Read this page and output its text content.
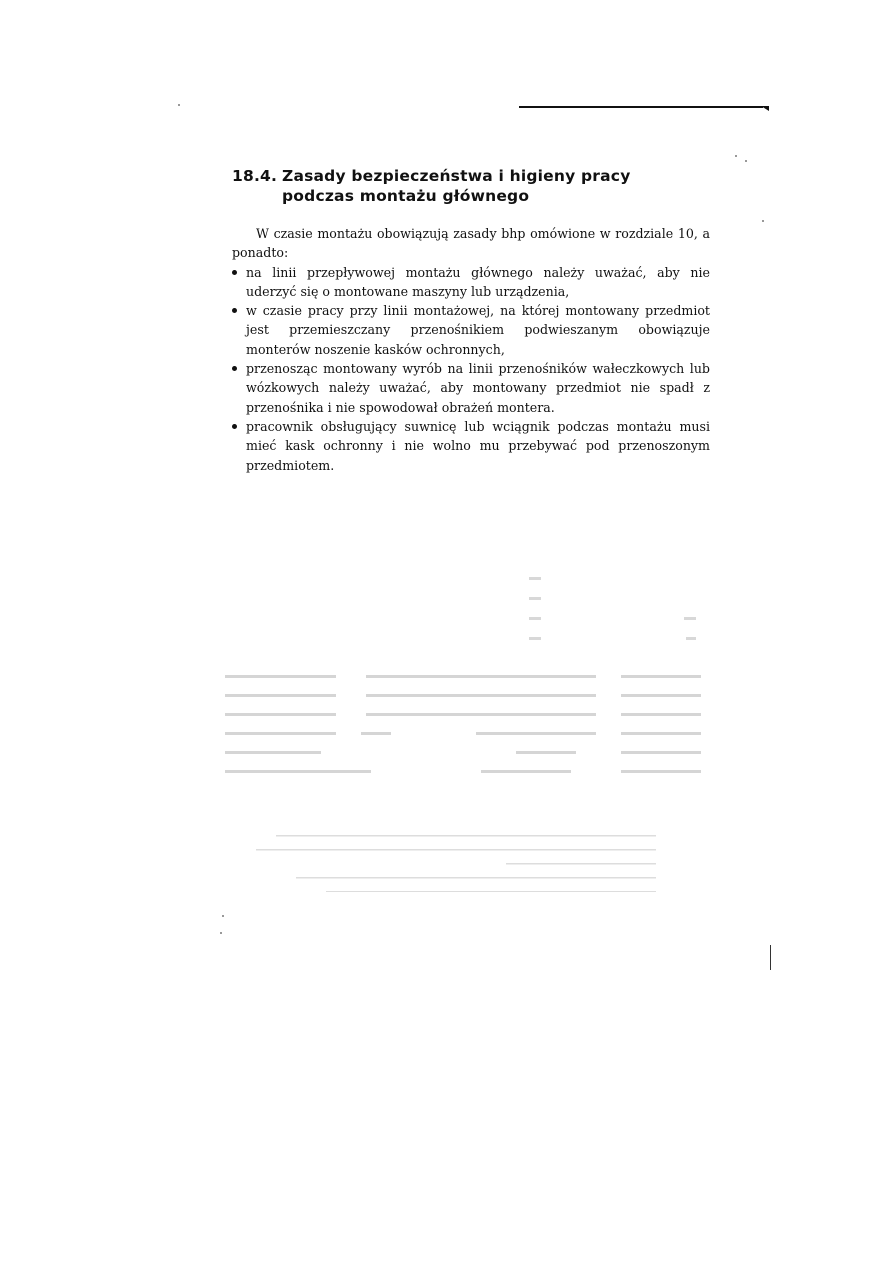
18.4. Zasady bezpieczeństwa i higieny pracy
podczas montażu głównego

W czasie montażu obowiązują zasady bhp omówione w rozdziale 10, a ponadto:

na linii przepływowej montażu głównego należy uważać, aby nie uderzyć się o montowane maszyny lub urządzenia,
w czasie pracy przy linii montażowej, na której montowany przedmiot jest przemieszczany przenośnikiem podwieszanym obowiązuje monterów noszenie kasków ochronnych,
przenosząc montowany wyrób na linii przenośników wałeczkowych lub wózkowych należy uważać, aby montowany przedmiot nie spadł z przenośnika i nie spowodował obrażeń montera.
pracownik obsługujący suwnicę lub wciągnik podczas montażu musi mieć kask ochronny i nie wolno mu przebywać pod przenoszonym przedmiotem.
